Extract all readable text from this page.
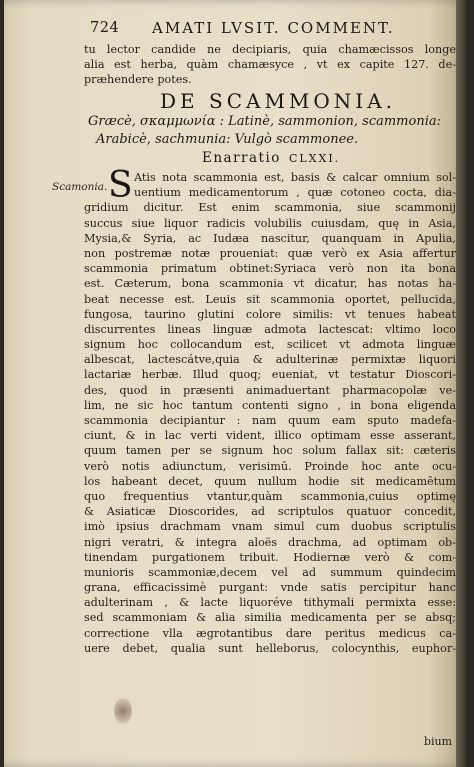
724 AMATI LVSIT. COMMENT.
tu lector candide ne decipiaris, quia chamæcissos longe
alia est herba, quàm chamæsyce , vt ex capite 127. de-
præhendere potes.
DE SCAMMONIA.
Græcè, σκαμμωνία : Latinè, sammonion, scammonia:
Arabicè, sachmunia: Vulgò scammonee.
Enarratio CLXXI.
Scamonia. S Atis nota scammonia est, basis & calcar omnium sol-
uentium medicamentorum , quæ cotoneo cocta, dia-
gridium dicitur. Est enim scammonia, siue scammonij
succus siue liquor radicis volubilis cuiusdam, quę in Asia,
Mysia,& Syria, ac Iudæa nascitur, quanquam in Apulia,
non postremæ notæ proueniat: quæ verò ex Asia affertur
scammonia primatum obtinet:Syriaca verò non ita bona
est. Cæterum, bona scammonia vt dicatur, has notas ha-
beat necesse est. Leuis sit scammonia oportet, pellucida,
fungosa, taurino glutini colore similis: vt tenues habeat
discurrentes lineas linguæ admota lactescat: vltimo loco
signum hoc collocandum est, scilicet vt admota linguæ
albescat, lactescátve,quia & adulterinæ permixtæ liquori
lactariæ herbæ. Illud quoq; eueniat, vt testatur Dioscori-
des, quod in præsenti animaduertant pharmacopolæ ve-
lim, ne sic hoc tantum contenti signo , in bona eligenda
scammonia decipiantur : nam quum eam sputo madefa-
ciunt, & in lac verti vident, illico optimam esse asserant,
quum tamen per se signum hoc solum fallax sit: cæteris
verò notis adiunctum, verisimū. Proinde hoc ante ocu-
los habeant decet, quum nullum hodie sit medicamētum
quo frequentius vtantur,quàm scammonia,cuius optimę
& Asiaticæ Dioscorides, ad scriptulos quatuor concedit,
imò ipsius drachmam vnam simul cum duobus scriptulis
nigri veratri, & integra aloës drachma, ad optimam ob-
tinendam purgationem tribuit. Hodiernæ verò & com-
munioris scammoniæ,decem vel ad summum quindecim
grana, efficacissimè purgant: vnde satis percipitur hanc
adulterinam , & lacte liquoréve tithymali permixta esse:
sed scammoniam & alia similia medicamenta per se absq;
correctione vlla ægrotantibus dare peritus medicus ca-
uere debet, qualia sunt helleborus, colocynthis, euphor-
bium
